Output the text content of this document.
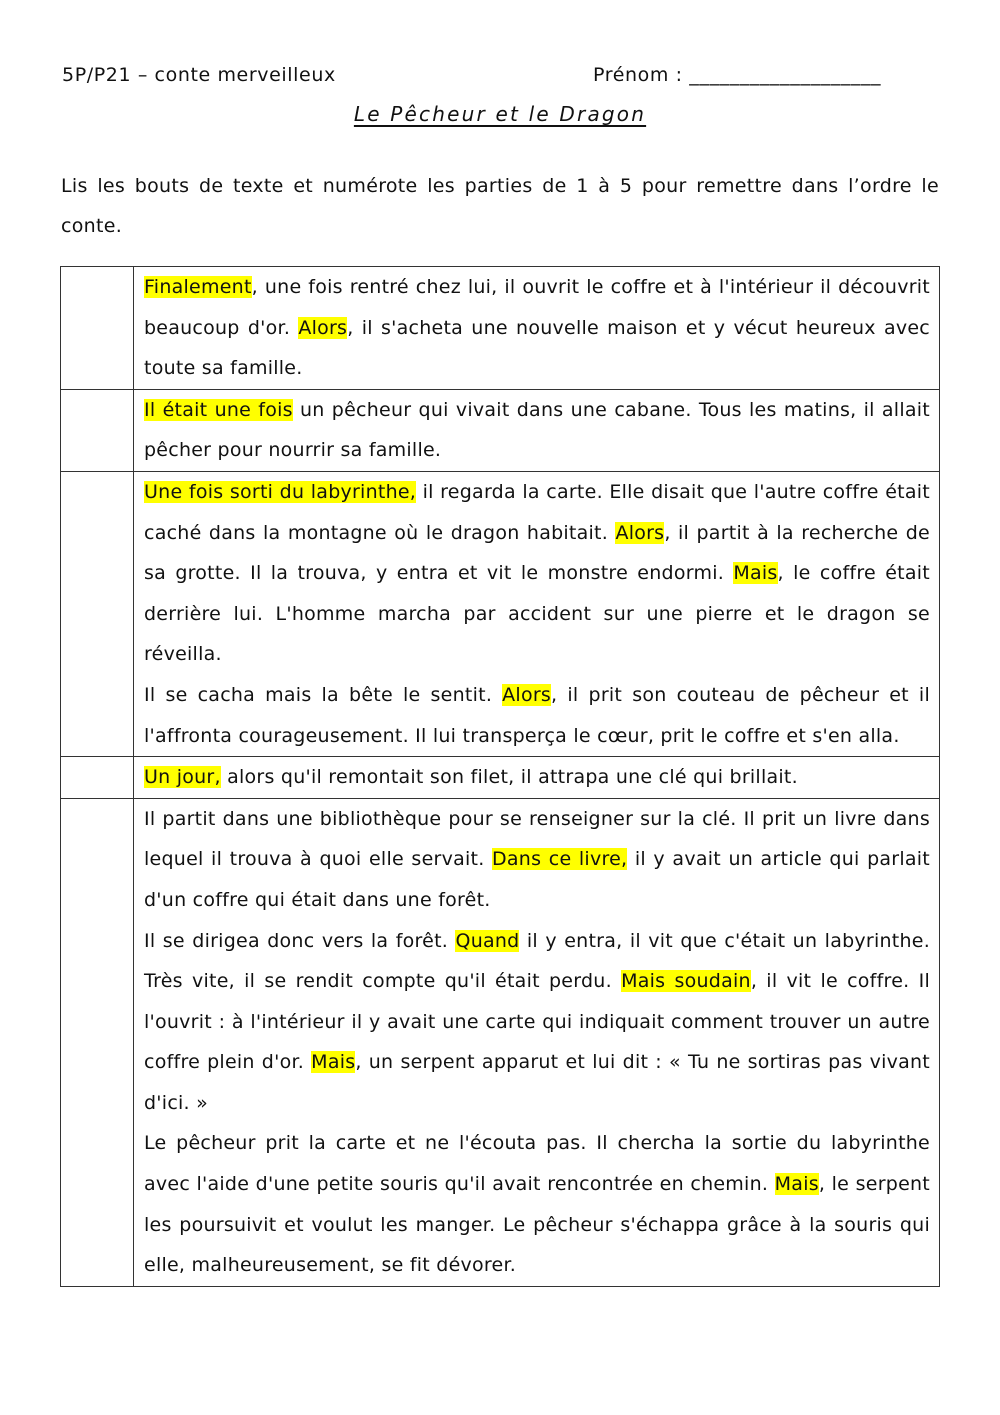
5P/P21 – conte merveilleux	Prénom : ___________________
Le Pêcheur et le Dragon
Lis les bouts de texte et numérote les parties de 1 à 5 pour remettre dans l’ordre le conte.

	Finalement, une fois rentré chez lui, il ouvrit le coffre et à l'intérieur il découvrit beaucoup d'or. Alors, il s'acheta une nouvelle maison et y vécut heureux avec toute sa famille.

	Il était une fois un pêcheur qui vivait dans une cabane. Tous les matins, il allait pêcher pour nourrir sa famille.

	Une fois sorti du labyrinthe, il regarda la carte. Elle disait que l'autre coffre était caché dans la montagne où le dragon habitait. Alors, il partit à la recherche de sa grotte. Il la trouva, y entra et vit le monstre endormi. Mais, le coffre était derrière lui. L'homme marcha par accident sur une pierre et le dragon se réveilla.

Il se cacha mais la bête le sentit. Alors, il prit son couteau de pêcheur et il l'affronta courageusement. Il lui transperça le cœur, prit le coffre et s'en alla.

	Un jour, alors qu'il remontait son filet, il attrapa une clé qui brillait.

	Il partit dans une bibliothèque pour se renseigner sur la clé. Il prit un livre dans lequel il trouva à quoi elle servait. Dans ce livre, il y avait un article qui parlait d'un coffre qui était dans une forêt.

Il se dirigea donc vers la forêt. Quand il y entra, il vit que c'était un labyrinthe. Très vite, il se rendit compte qu'il était perdu. Mais soudain, il vit le coffre. Il l'ouvrit : à l'intérieur il y avait une carte qui indiquait comment trouver un autre coffre plein d'or. Mais, un serpent apparut et lui dit : « Tu ne sortiras pas vivant d'ici. »

Le pêcheur prit la carte et ne l'écouta pas. Il chercha la sortie du labyrinthe avec l'aide d'une petite souris qu'il avait rencontrée en chemin. Mais, le serpent les poursuivit et voulut les manger. Le pêcheur s'échappa grâce à la souris qui elle, malheureusement, se fit dévorer.
